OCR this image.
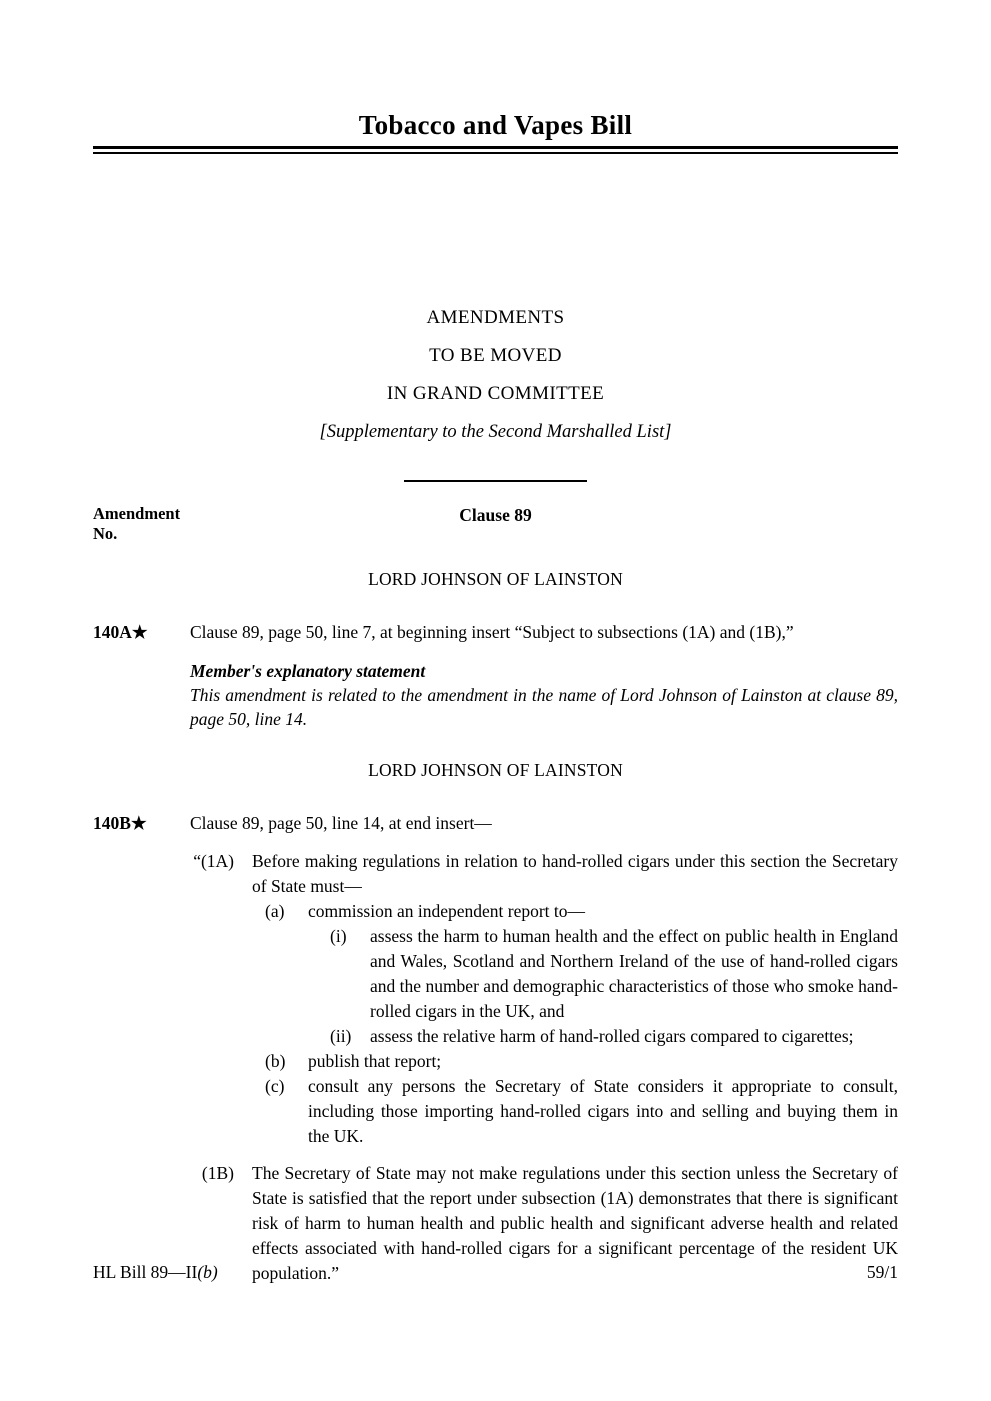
Tobacco and Vapes Bill
AMENDMENTS
TO BE MOVED
IN GRAND COMMITTEE
[Supplementary to the Second Marshalled List]
Amendment
No.
Clause 89
LORD JOHNSON OF LAINSTON
140A★	Clause 89, page 50, line 7, at beginning insert “Subject to subsections (1A) and (1B),”
Member's explanatory statement
This amendment is related to the amendment in the name of Lord Johnson of Lainston at clause 89, page 50, line 14.
LORD JOHNSON OF LAINSTON
140B★	Clause 89, page 50, line 14, at end insert—
“(1A) Before making regulations in relation to hand-rolled cigars under this section the Secretary of State must—
(a)	commission an independent report to—
(i)	assess the harm to human health and the effect on public health in England and Wales, Scotland and Northern Ireland of the use of hand-rolled cigars and the number and demographic characteristics of those who smoke hand-rolled cigars in the UK, and
(ii)	assess the relative harm of hand-rolled cigars compared to cigarettes;
(b)	publish that report;
(c)	consult any persons the Secretary of State considers it appropriate to consult, including those importing hand-rolled cigars into and selling and buying them in the UK.
(1B) The Secretary of State may not make regulations under this section unless the Secretary of State is satisfied that the report under subsection (1A) demonstrates that there is significant risk of harm to human health and public health and significant adverse health and related effects associated with hand-rolled cigars for a significant percentage of the resident UK population.”
HL Bill 89—II(b)	59/1
